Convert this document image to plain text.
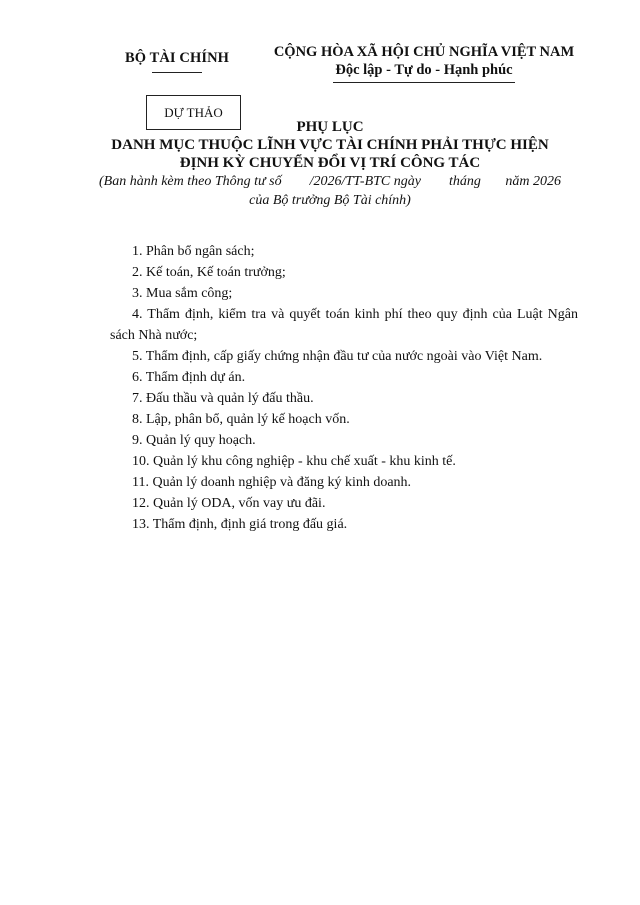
BỘ TÀI CHÍNH	CỘNG HÒA XÃ HỘI CHỦ NGHĨA VIỆT NAM
Độc lập - Tự do - Hạnh phúc
DỰ THẢO
PHỤ LỤC
DANH MỤC THUỘC LĨNH VỰC TÀI CHÍNH PHẢI THỰC HIỆN
ĐỊNH KỲ CHUYỂN ĐỔI VỊ TRÍ CÔNG TÁC
(Ban hành kèm theo Thông tư số        /2026/TT-BTC ngày        tháng       năm 2026
của Bộ trưởng Bộ Tài chính)
1. Phân bổ ngân sách;
2. Kế toán, Kế toán trưởng;
3. Mua sắm công;
4. Thẩm định, kiểm tra và quyết toán kinh phí theo quy định của Luật Ngân sách Nhà nước;
5. Thẩm định, cấp giấy chứng nhận đầu tư của nước ngoài vào Việt Nam.
6. Thẩm định dự án.
7. Đấu thầu và quản lý đấu thầu.
8. Lập, phân bổ, quản lý kế hoạch vốn.
9. Quản lý quy hoạch.
10. Quản lý khu công nghiệp - khu chế xuất - khu kinh tế.
11. Quản lý doanh nghiệp và đăng ký kinh doanh.
12. Quản lý ODA, vốn vay ưu đãi.
13. Thẩm định, định giá trong đấu giá.
